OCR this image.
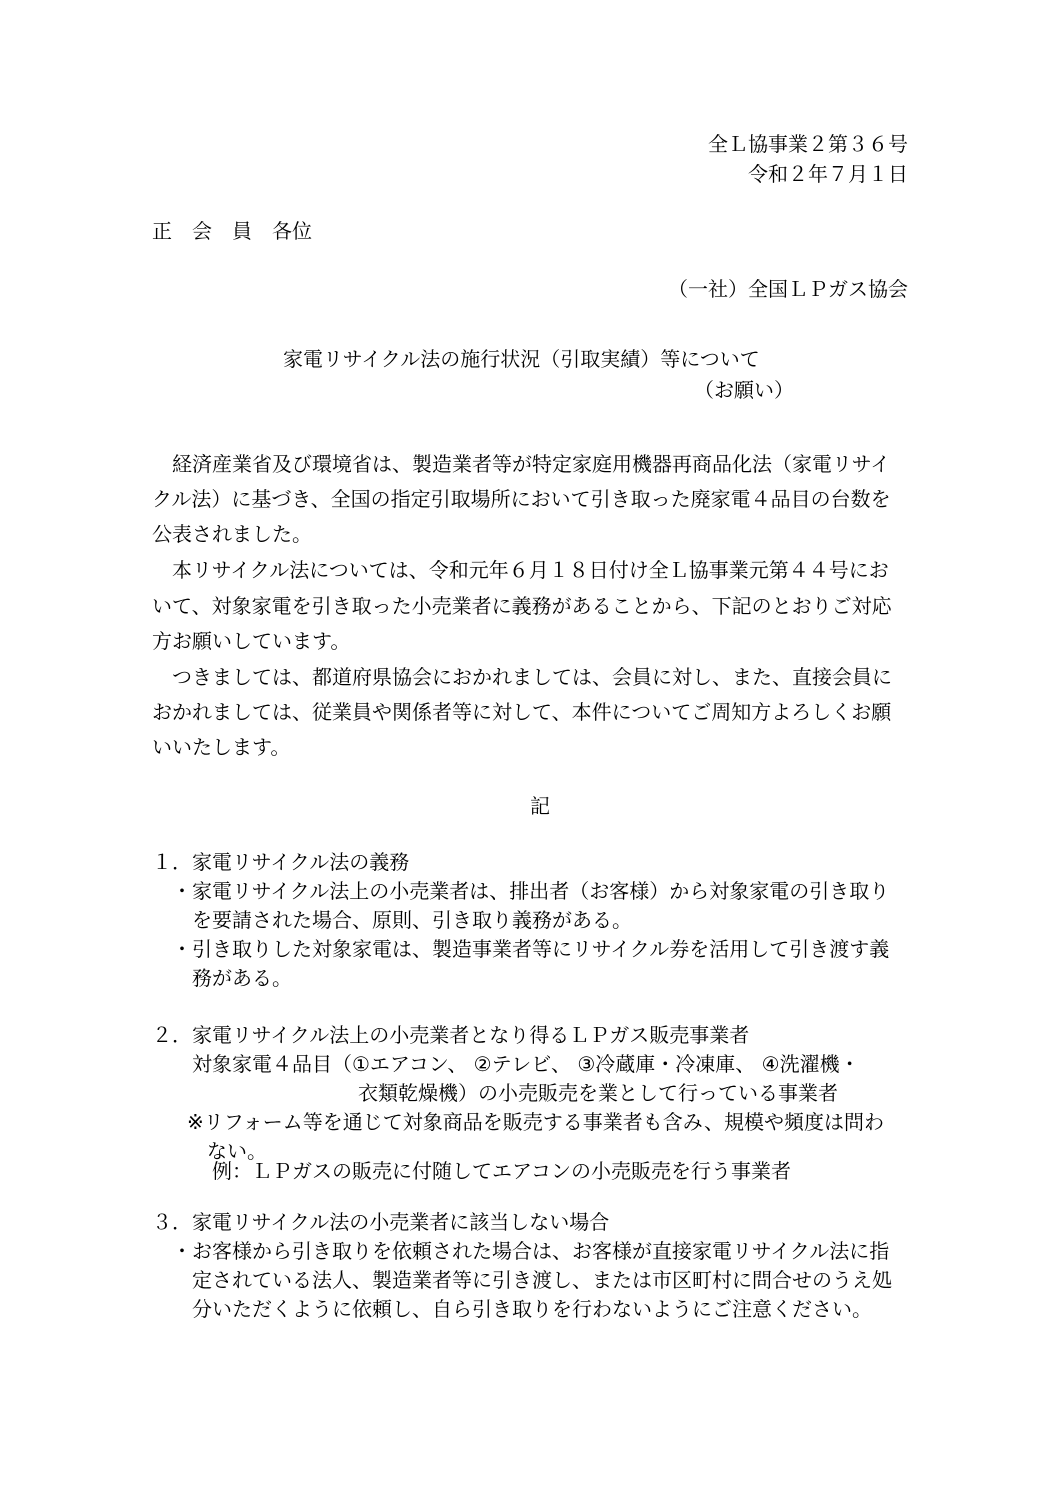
全Ｌ協事業２第３６号
令和２年７月１日
正　会　員　各位
（一社）全国ＬＰガス協会
家電リサイクル法の施行状況（引取実績）等について
（お願い）
経済産業省及び環境省は、製造業者等が特定家庭用機器再商品化法（家電リサイ
クル法）に基づき、全国の指定引取場所において引き取った廃家電４品目の台数を
公表されました。
本リサイクル法については、令和元年６月１８日付け全Ｌ協事業元第４４号にお
いて、対象家電を引き取った小売業者に義務があることから、下記のとおりご対応
方お願いしています。
つきましては、都道府県協会におかれましては、会員に対し、また、直接会員に
おかれましては、従業員や関係者等に対して、本件についてご周知方よろしくお願
いいたします。
記
１．家電リサイクル法の義務
・家電リサイクル法上の小売業者は、排出者（お客様）から対象家電の引き取り
を要請された場合、原則、引き取り義務がある。
・引き取りした対象家電は、製造事業者等にリサイクル券を活用して引き渡す義
務がある。
２．家電リサイクル法上の小売業者となり得るＬＰガス販売事業者
対象家電４品目（①エアコン、 ②テレビ、 ③冷蔵庫・冷凍庫、 ④洗濯機・
衣類乾燥機）の小売販売を業として行っている事業者
※リフォーム等を通じて対象商品を販売する事業者も含み、規模や頻度は問わ
ない。
例：ＬＰガスの販売に付随してエアコンの小売販売を行う事業者
３．家電リサイクル法の小売業者に該当しない場合
・お客様から引き取りを依頼された場合は、お客様が直接家電リサイクル法に指
定されている法人、製造業者等に引き渡し、または市区町村に問合せのうえ処
分いただくように依頼し、自ら引き取りを行わないようにご注意ください。
